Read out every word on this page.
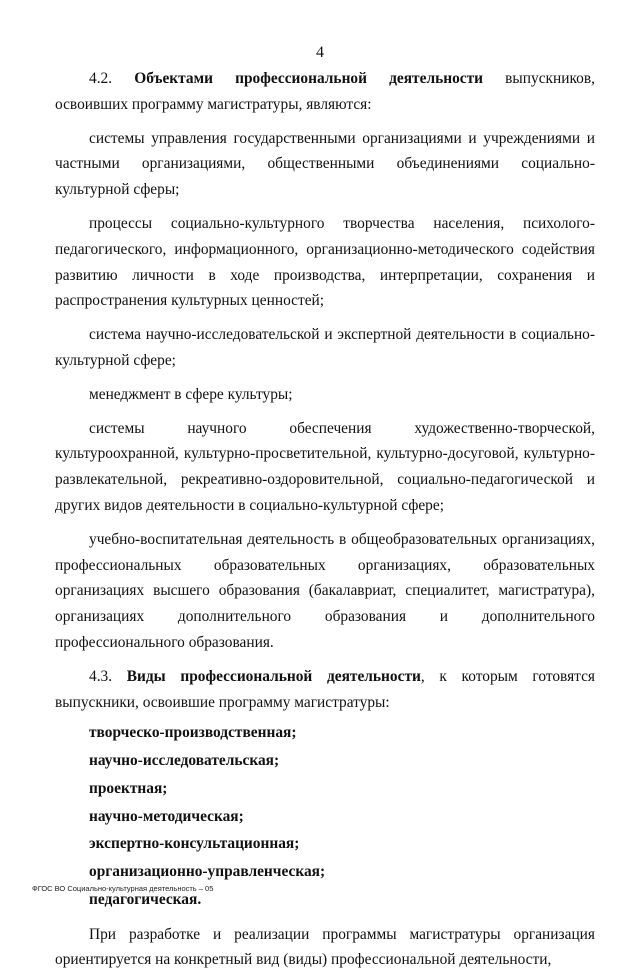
4

4.2. Объектами профессиональной деятельности выпускников, освоивших программу магистратуры, являются:

системы управления государственными организациями и учреждениями и частными организациями, общественными объединениями социально-культурной сферы;

процессы социально-культурного творчества населения, психолого-педагогического, информационного, организационно-методического содействия развитию личности в ходе производства, интерпретации, сохранения и распространения культурных ценностей;

система научно-исследовательской и экспертной деятельности в социально-культурной сфере;

менеджмент в сфере культуры;

системы научного обеспечения художественно-творческой, культуроохранной, культурно-просветительной, культурно-досуговой, культурно-развлекательной, рекреативно-оздоровительной, социально-педагогической и других видов деятельности в социально-культурной сфере;

учебно-воспитательная деятельность в общеобразовательных организациях, профессиональных образовательных организациях, образовательных организациях высшего образования (бакалавриат, специалитет, магистратура), организациях дополнительного образования и дополнительного профессионального образования.

4.3. Виды профессиональной деятельности, к которым готовятся выпускники, освоившие программу магистратуры:

творческо-производственная;
научно-исследовательская;
проектная;
научно-методическая;
экспертно-консультационная;
организационно-управленческая;
педагогическая.

При разработке и реализации программы магистратуры организация ориентируется на конкретный вид (виды) профессиональной деятельности,

ФГОС ВО Социально-культурная деятельность – 05
